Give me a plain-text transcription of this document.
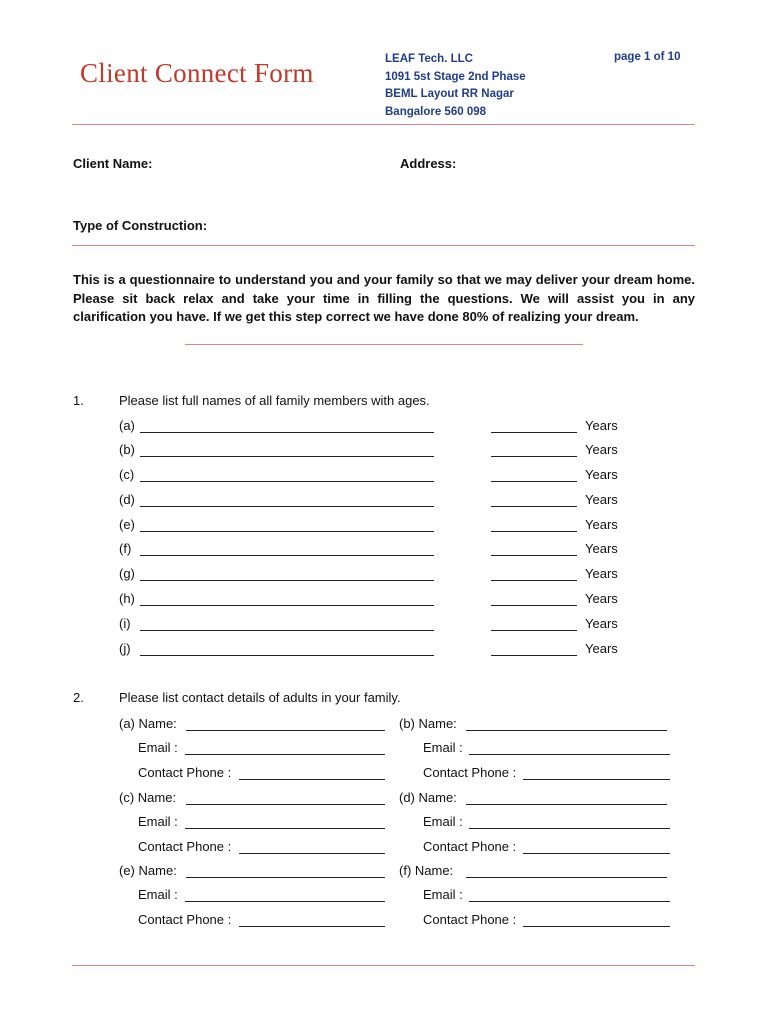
Client Connect Form	LEAF Tech. LLC
1091 5st Stage 2nd Phase
BEML Layout RR Nagar
Bangalore 560 098
page 1 of 10
Client Name:	Address:
Type of Construction:
This is a questionnaire to understand you and your family so that we may deliver your dream home. Please sit back relax and take your time in filling the questions. We will assist you in any clarification you have. If we get this step correct we have done 80% of realizing your dream.
1.	Please list full names of all family members with ages.
(a)	Years
(b)	Years
(c)	Years
(d)	Years
(e)	Years
(f)	Years
(g)	Years
(h)	Years
(i)	Years
(j)	Years
2.	Please list contact details of adults in your family.
(a) Name:
Email :
Contact Phone :
(b) Name:
Email :
Contact Phone :
(c) Name:
Email :
Contact Phone :
(d) Name:
Email :
Contact Phone :
(e) Name:
Email :
Contact Phone :
(f) Name:
Email :
Contact Phone :
